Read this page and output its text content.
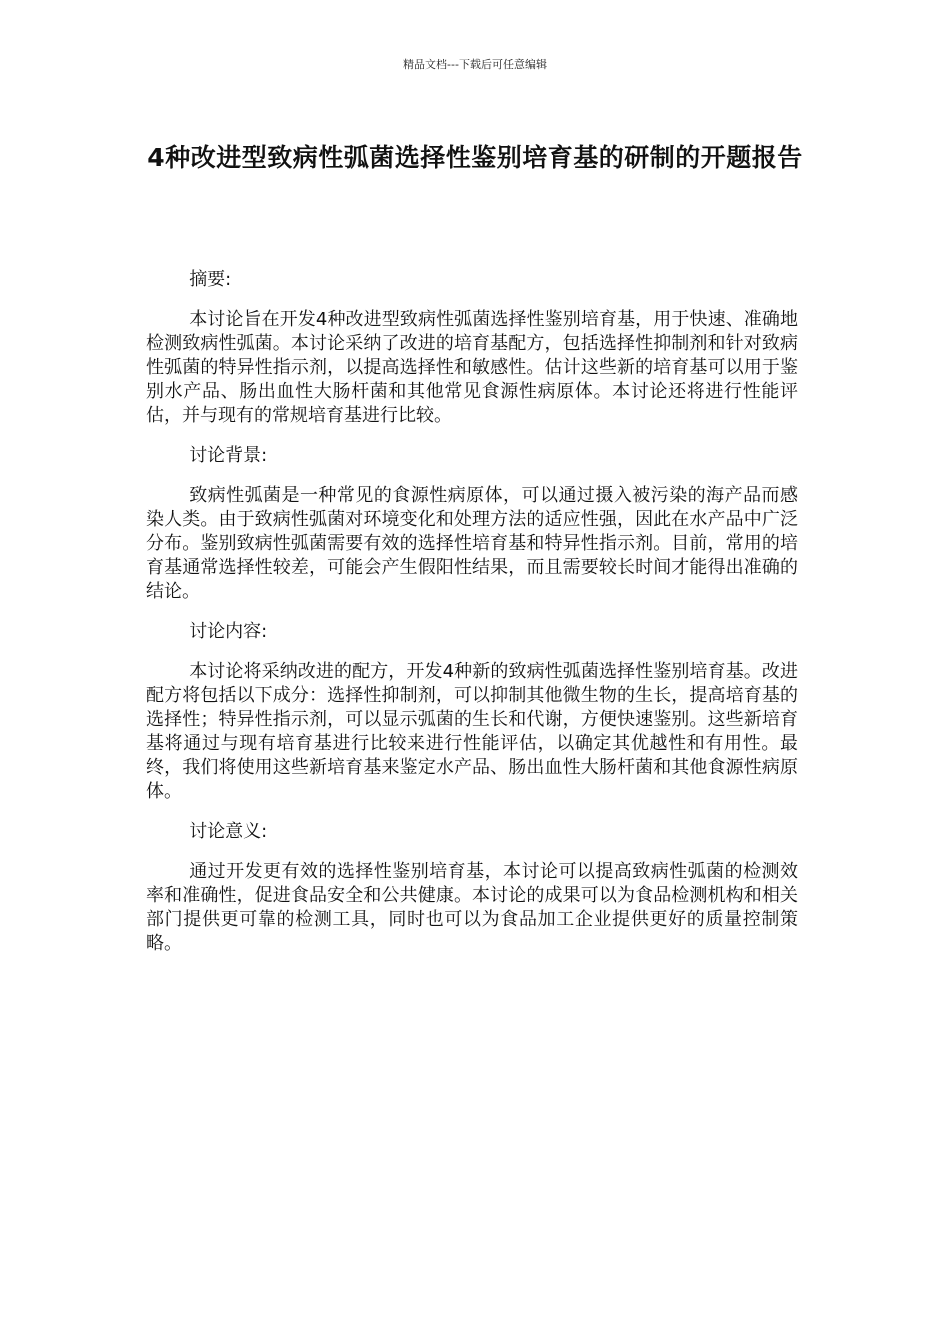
精品文档---下载后可任意编辑
4种改进型致病性弧菌选择性鉴别培育基的研制的开题报告

摘要:

本讨论旨在开发4种改进型致病性弧菌选择性鉴别培育基，用于快速、准确地检测致病性弧菌。本讨论采纳了改进的培育基配方，包括选择性抑制剂和针对致病性弧菌的特异性指示剂，以提高选择性和敏感性。估计这些新的培育基可以用于鉴别水产品、肠出血性大肠杆菌和其他常见食源性病原体。本讨论还将进行性能评估，并与现有的常规培育基进行比较。

讨论背景:

致病性弧菌是一种常见的食源性病原体，可以通过摄入被污染的海产品而感染人类。由于致病性弧菌对环境变化和处理方法的适应性强，因此在水产品中广泛分布。鉴别致病性弧菌需要有效的选择性培育基和特异性指示剂。目前，常用的培育基通常选择性较差，可能会产生假阳性结果，而且需要较长时间才能得出准确的结论。

讨论内容:

本讨论将采纳改进的配方，开发4种新的致病性弧菌选择性鉴别培育基。改进配方将包括以下成分：选择性抑制剂，可以抑制其他微生物的生长，提高培育基的选择性；特异性指示剂，可以显示弧菌的生长和代谢，方便快速鉴别。这些新培育基将通过与现有培育基进行比较来进行性能评估，以确定其优越性和有用性。最终，我们将使用这些新培育基来鉴定水产品、肠出血性大肠杆菌和其他食源性病原体。

讨论意义:

通过开发更有效的选择性鉴别培育基，本讨论可以提高致病性弧菌的检测效率和准确性，促进食品安全和公共健康。本讨论的成果可以为食品检测机构和相关部门提供更可靠的检测工具，同时也可以为食品加工企业提供更好的质量控制策略。
